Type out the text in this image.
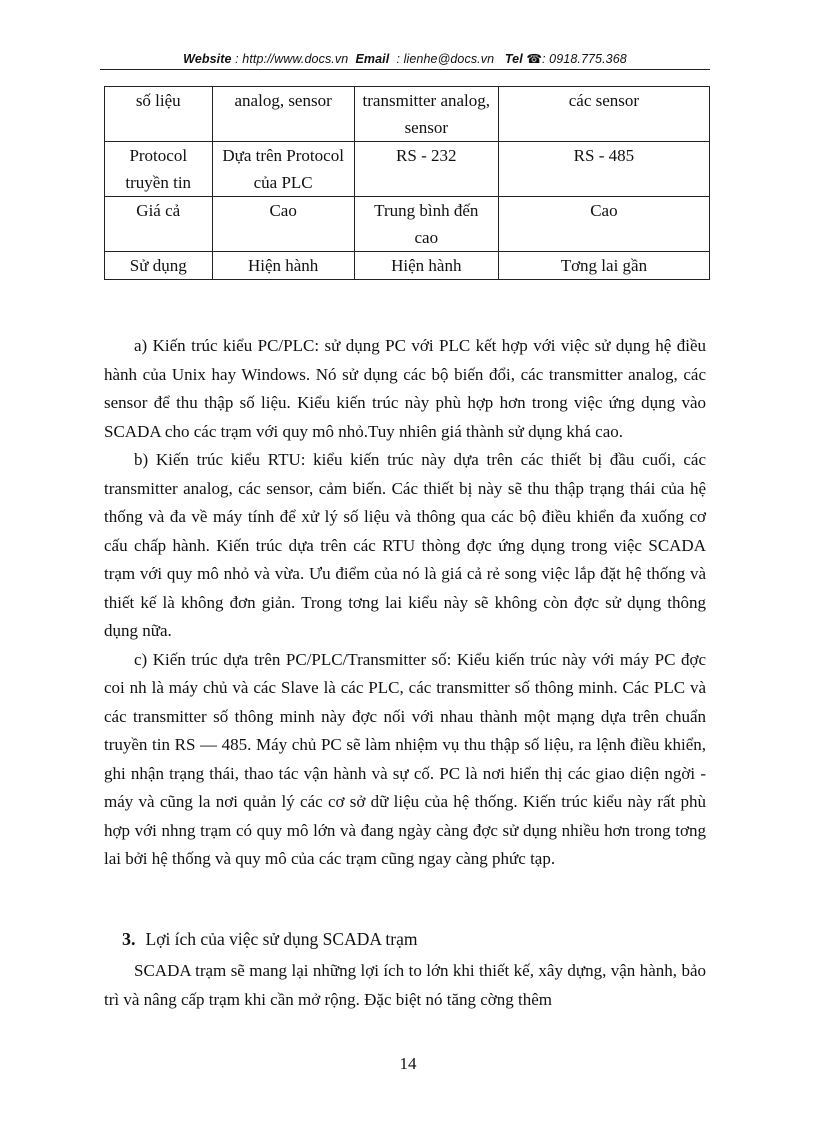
Website : http://www.docs.vn Email : lienhe@docs.vn Tel ☎: 0918.775.368
số liệu	analog, sensor	transmitter analog, sensor	các sensor
Protocol truyền tin	Dựa trên Protocol của PLC	RS - 232	RS - 485
Giá cả	Cao	Trung bình đến cao	Cao
Sử dụng	Hiện hành	Hiện hành	Tơng lai gần

a) Kiến trúc kiểu PC/PLC: sử dụng PC với PLC kết hợp với việc sử dụng hệ điều hành của Unix hay Windows. Nó sử dụng các bộ biến đổi, các transmitter analog, các sensor để thu thập số liệu. Kiểu kiến trúc này phù hợp hơn trong việc ứng dụng vào SCADA cho các trạm với quy mô nhỏ.Tuy nhiên giá thành sử dụng khá cao.

b) Kiến trúc kiểu RTU: kiểu kiến trúc này dựa trên các thiết bị đầu cuối, các transmitter analog, các sensor, cảm biến. Các thiết bị này sẽ thu thập trạng thái của hệ thống và đa về máy tính để xử lý số liệu và thông qua các bộ điều khiển đa xuống cơ cấu chấp hành. Kiến trúc dựa trên các RTU thòng đợc ứng dụng trong việc SCADA trạm với quy mô nhỏ và vừa. Ưu điểm của nó là giá cả rẻ song việc lắp đặt hệ thống và thiết kế là không đơn giản. Trong tơng lai kiểu này sẽ không còn đợc sử dụng thông dụng nữa.

c) Kiến trúc dựa trên PC/PLC/Transmitter số: Kiểu kiến trúc này với máy PC đợc coi nh là máy chủ và các Slave là các PLC, các transmitter số thông minh. Các PLC và các transmitter số thông minh này đợc nối với nhau thành một mạng dựa trên chuẩn truyền tin RS — 485. Máy chủ PC sẽ làm nhiệm vụ thu thập số liệu, ra lệnh điều khiển, ghi nhận trạng thái, thao tác vận hành và sự cố. PC là nơi hiển thị các giao diện ngời - máy và cũng la nơi quản lý các cơ sở dữ liệu của hệ thống. Kiến trúc kiểu này rất phù hợp với nhng trạm có quy mô lớn và đang ngày càng đợc sử dụng nhiều hơn trong tơng lai bởi hệ thống và quy mô của các trạm cũng ngay càng phức tạp.

3. Lợi ích của việc sử dụng SCADA trạm

SCADA trạm sẽ mang lại những lợi ích to lớn khi thiết kế, xây dựng, vận hành, bảo trì và nâng cấp trạm khi cần mở rộng. Đặc biệt nó tăng cờng thêm

14
